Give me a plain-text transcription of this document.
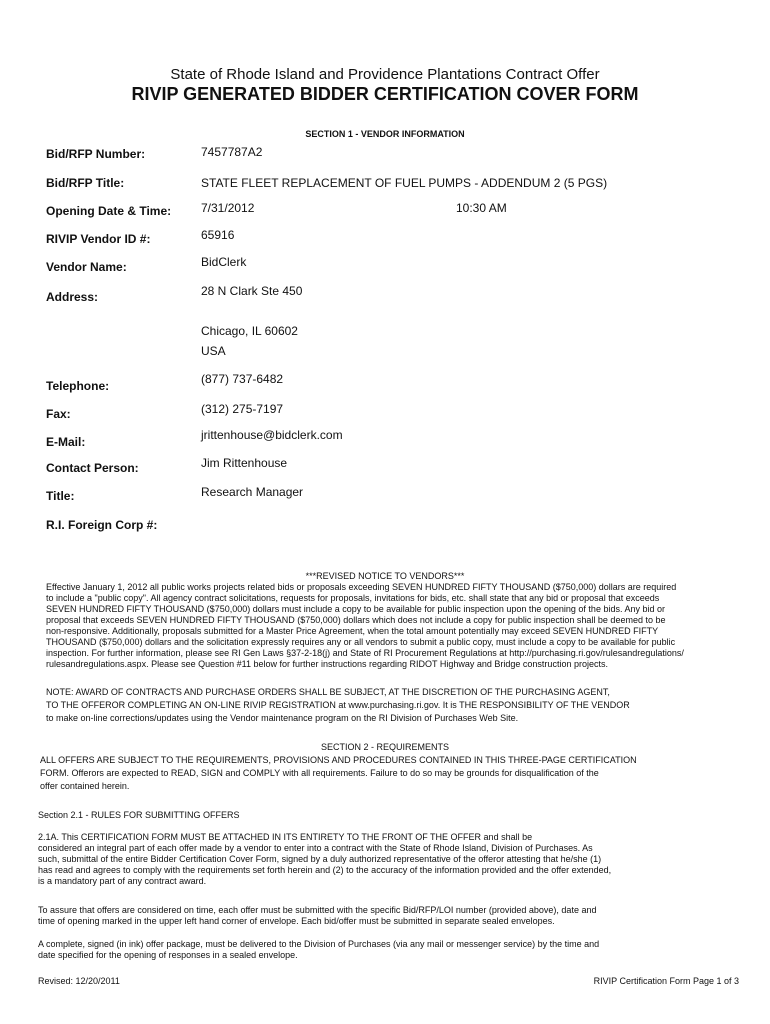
State of Rhode Island and Providence Plantations Contract Offer
RIVIP GENERATED BIDDER CERTIFICATION COVER FORM
SECTION 1 - VENDOR INFORMATION
Bid/RFP Number:	7457787A2
Bid/RFP Title:	STATE FLEET REPLACEMENT OF FUEL PUMPS - ADDENDUM 2 (5 PGS)
Opening Date & Time: 7/31/2012	10:30 AM
RIVIP Vendor ID #:	65916
Vendor Name:	BidClerk
Address:	28 N Clark Ste 450
Chicago, IL 60602
USA
Telephone:	(877) 737-6482
Fax:	(312) 275-7197
E-Mail:	jrittenhouse@bidclerk.com
Contact Person:	Jim Rittenhouse
Title:	Research Manager
R.I. Foreign Corp #:
***REVISED NOTICE TO VENDORS***
Effective January 1, 2012 all public works projects related bids or proposals exceeding SEVEN HUNDRED FIFTY THOUSAND ($750,000) dollars are required
to include a "public copy". All agency contract solicitations, requests for proposals, invitations for bids, etc. shall state that any bid or proposal that exceeds
SEVEN HUNDRED FIFTY THOUSAND ($750,000) dollars must include a copy to be available for public inspection upon the opening of the bids. Any bid or
proposal that exceeds SEVEN HUNDRED FIFTY THOUSAND ($750,000) dollars which does not include a copy for public inspection shall be deemed to be
non-responsive. Additionally, proposals submitted for a Master Price Agreement, when the total amount potentially may exceed SEVEN HUNDRED FIFTY
THOUSAND ($750,000) dollars and the solicitation expressly requires any or all vendors to submit a public copy, must include a copy to be available for public
inspection. For further information, please see RI Gen Laws §37-2-18(j) and State of RI Procurement Regulations at http://purchasing.ri.gov/rulesandregulations/
rulesandregulations.aspx. Please see Question #11 below for further instructions regarding RIDOT Highway and Bridge construction projects.
NOTE: AWARD OF CONTRACTS AND PURCHASE ORDERS SHALL BE SUBJECT, AT THE DISCRETION OF THE PURCHASING AGENT,
TO THE OFFEROR COMPLETING AN ON-LINE RIVIP REGISTRATION at www.purchasing.ri.gov. It is THE RESPONSIBILITY OF THE VENDOR
to make on-line corrections/updates using the Vendor maintenance program on the RI Division of Purchases Web Site.
SECTION 2 - REQUIREMENTS
ALL OFFERS ARE SUBJECT TO THE REQUIREMENTS, PROVISIONS AND PROCEDURES CONTAINED IN THIS THREE-PAGE CERTIFICATION
FORM. Offerors are expected to READ, SIGN and COMPLY with all requirements. Failure to do so may be grounds for disqualification of the
offer contained herein.
Section 2.1 - RULES FOR SUBMITTING OFFERS
2.1A. This CERTIFICATION FORM MUST BE ATTACHED IN ITS ENTIRETY TO THE FRONT OF THE OFFER and shall be
considered an integral part of each offer made by a vendor to enter into a contract with the State of Rhode Island, Division of Purchases. As
such, submittal of the entire Bidder Certification Cover Form, signed by a duly authorized representative of the offeror attesting that he/she (1)
has read and agrees to comply with the requirements set forth herein and (2) to the accuracy of the information provided and the offer extended,
is a mandatory part of any contract award.
To assure that offers are considered on time, each offer must be submitted with the specific Bid/RFP/LOI number (provided above), date and
time of opening marked in the upper left hand corner of envelope. Each bid/offer must be submitted in separate sealed envelopes.
A complete, signed (in ink) offer package, must be delivered to the Division of Purchases (via any mail or messenger service) by the time and
date specified for the opening of responses in a sealed envelope.
Revised: 12/20/2011	RIVIP Certification Form Page 1 of 3
